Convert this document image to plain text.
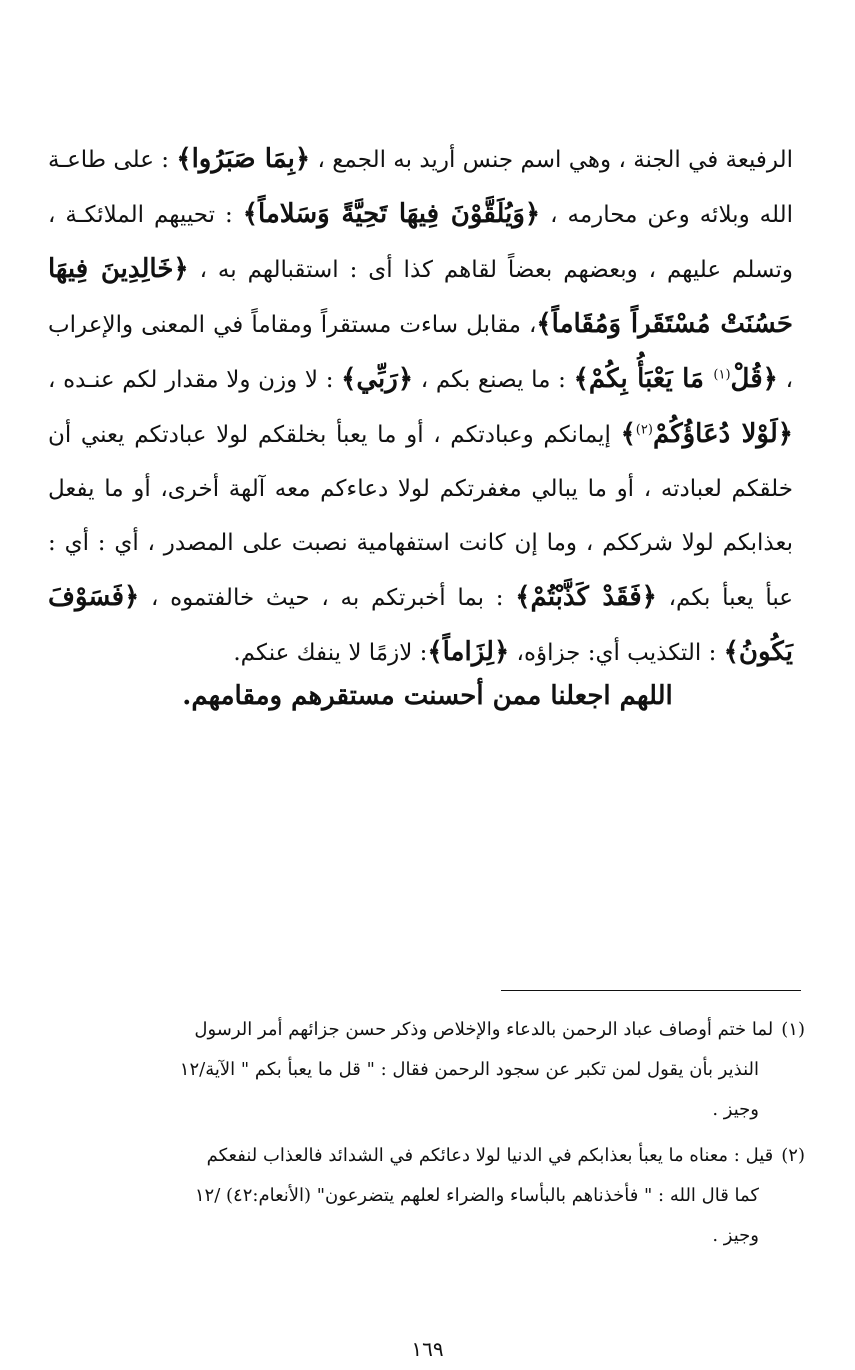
الرفيعة في الجنة ، وهي اسم جنس أريد به الجمع ، ﴿بِمَا صَبَرُوا﴾ : على طاعـة الله وبلائه وعن محارمه ، ﴿وَيُلَقَّوْنَ فِيهَا تَحِيَّةً وَسَلاماً﴾ : تحييهم الملائكـة ، وتسلم عليهم ، وبعضهم بعضاً لقاهم كذا أى : استقبالهم به ، ﴿خَالِدِينَ فِيهَا حَسُنَتْ مُسْتَقَراً وَمُقَاماً﴾، مقابل ساءت مستقراً ومقاماً في المعنى والإعراب ، ﴿قُلْ$^{(١)}$ مَا يَعْبَأُ بِكُمْ﴾ : ما يصنع بكم ، ﴿رَبِّي﴾ : لا وزن ولا مقدار لكم عنـده ، ﴿لَوْلا دُعَاؤُكُمْ$^{(٢)}$﴾ إيمانكم وعبادتكم ، أو ما يعبأ بخلقكم لولا عبادتكم يعني أن خلقكم لعبادته ، أو ما يبالي مغفرتكم لولا دعاءكم معه آلهة أخرى، أو ما يفعل بعذابكم لولا شرككم ، وما إن كانت استفهامية نصبت على المصدر ، أي : أي : عبأ يعبأ بكم، ﴿فَقَدْ كَذَّبْتُمْ﴾ : بما أخبرتكم به ، حيث خالفتموه ، ﴿فَسَوْفَ يَكُونُ﴾ : التكذيب أي: جزاؤه، ﴿لِزَاماً﴾: لازمًا لا ينفك عنكم.

اللهم اجعلنا ممن أحسنت مستقرهم ومقامهم.
(١)لما ختم أوصاف عباد الرحمن بالدعاء والإخلاص وذكر حسن جزائهم أمر الرسول
النذير بأن يقول لمن تكبر عن سجود الرحمن فقال : " قل ما يعبأ بكم " الآية/١٢
وجيز .
(٢)قيل : معناه ما يعبأ بعذابكم في الدنيا لولا دعائكم في الشدائد فالعذاب لنفعكم
كما قال الله : " فأخذناهم بالبأساء والضراء لعلهم يتضرعون" (الأنعام:٤٢) /١٢
وجيز .
١٦٩
